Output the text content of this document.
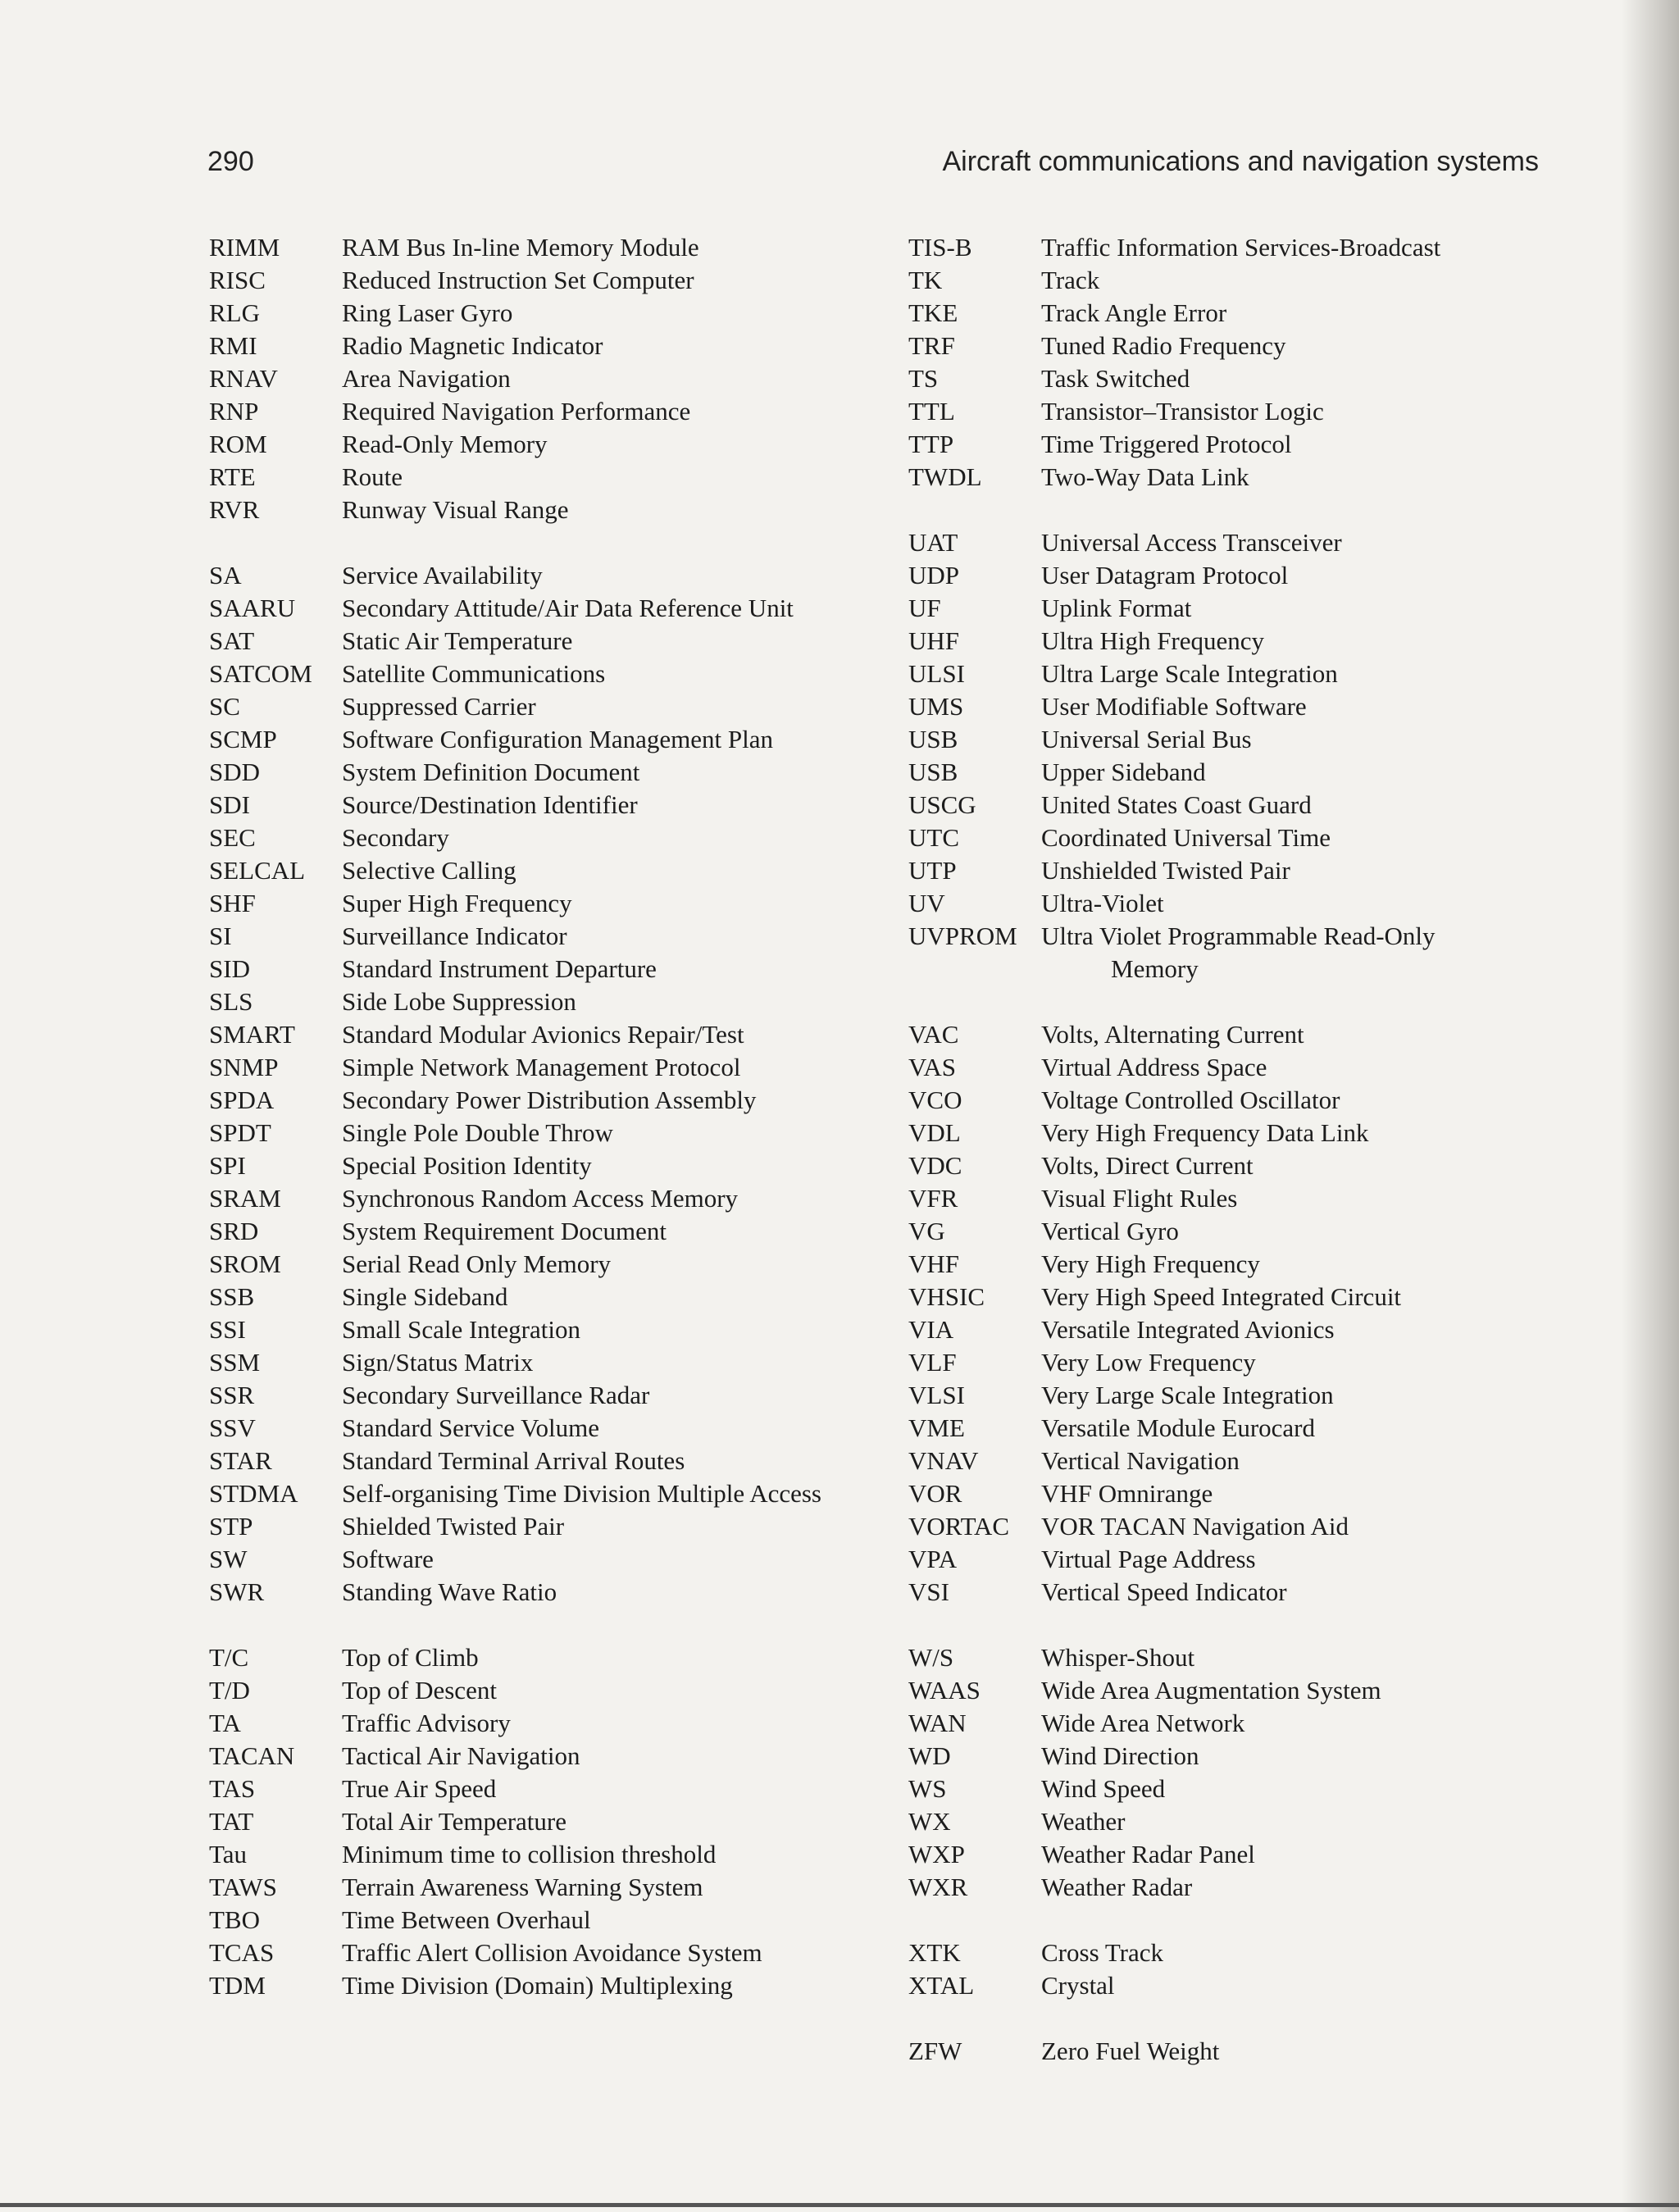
290	Aircraft communications and navigation systems
RIMM	RAM Bus In-line Memory Module
RISC	Reduced Instruction Set Computer
RLG	Ring Laser Gyro
RMI	Radio Magnetic Indicator
RNAV	Area Navigation
RNP	Required Navigation Performance
ROM	Read-Only Memory
RTE	Route
RVR	Runway Visual Range
SA	Service Availability
SAARU	Secondary Attitude/Air Data Reference Unit
SAT	Static Air Temperature
SATCOM	Satellite Communications
SC	Suppressed Carrier
SCMP	Software Configuration Management Plan
SDD	System Definition Document
SDI	Source/Destination Identifier
SEC	Secondary
SELCAL	Selective Calling
SHF	Super High Frequency
SI	Surveillance Indicator
SID	Standard Instrument Departure
SLS	Side Lobe Suppression
SMART	Standard Modular Avionics Repair/Test
SNMP	Simple Network Management Protocol
SPDA	Secondary Power Distribution Assembly
SPDT	Single Pole Double Throw
SPI	Special Position Identity
SRAM	Synchronous Random Access Memory
SRD	System Requirement Document
SROM	Serial Read Only Memory
SSB	Single Sideband
SSI	Small Scale Integration
SSM	Sign/Status Matrix
SSR	Secondary Surveillance Radar
SSV	Standard Service Volume
STAR	Standard Terminal Arrival Routes
STDMA	Self-organising Time Division Multiple Access
STP	Shielded Twisted Pair
SW	Software
SWR	Standing Wave Ratio
T/C	Top of Climb
T/D	Top of Descent
TA	Traffic Advisory
TACAN	Tactical Air Navigation
TAS	True Air Speed
TAT	Total Air Temperature
Tau	Minimum time to collision threshold
TAWS	Terrain Awareness Warning System
TBO	Time Between Overhaul
TCAS	Traffic Alert Collision Avoidance System
TDM	Time Division (Domain) Multiplexing
TIS-B	Traffic Information Services-Broadcast
TK	Track
TKE	Track Angle Error
TRF	Tuned Radio Frequency
TS	Task Switched
TTL	Transistor–Transistor Logic
TTP	Time Triggered Protocol
TWDL	Two-Way Data Link
UAT	Universal Access Transceiver
UDP	User Datagram Protocol
UF	Uplink Format
UHF	Ultra High Frequency
ULSI	Ultra Large Scale Integration
UMS	User Modifiable Software
USB	Universal Serial Bus
USB	Upper Sideband
USCG	United States Coast Guard
UTC	Coordinated Universal Time
UTP	Unshielded Twisted Pair
UV	Ultra-Violet
UVPROM Ultra Violet Programmable Read-Only Memory
VAC	Volts, Alternating Current
VAS	Virtual Address Space
VCO	Voltage Controlled Oscillator
VDL	Very High Frequency Data Link
VDC	Volts, Direct Current
VFR	Visual Flight Rules
VG	Vertical Gyro
VHF	Very High Frequency
VHSIC	Very High Speed Integrated Circuit
VIA	Versatile Integrated Avionics
VLF	Very Low Frequency
VLSI	Very Large Scale Integration
VME	Versatile Module Eurocard
VNAV	Vertical Navigation
VOR	VHF Omnirange
VORTAC	VOR TACAN Navigation Aid
VPA	Virtual Page Address
VSI	Vertical Speed Indicator
W/S	Whisper-Shout
WAAS	Wide Area Augmentation System
WAN	Wide Area Network
WD	Wind Direction
WS	Wind Speed
WX	Weather
WXP	Weather Radar Panel
WXR	Weather Radar
XTK	Cross Track
XTAL	Crystal
ZFW	Zero Fuel Weight
